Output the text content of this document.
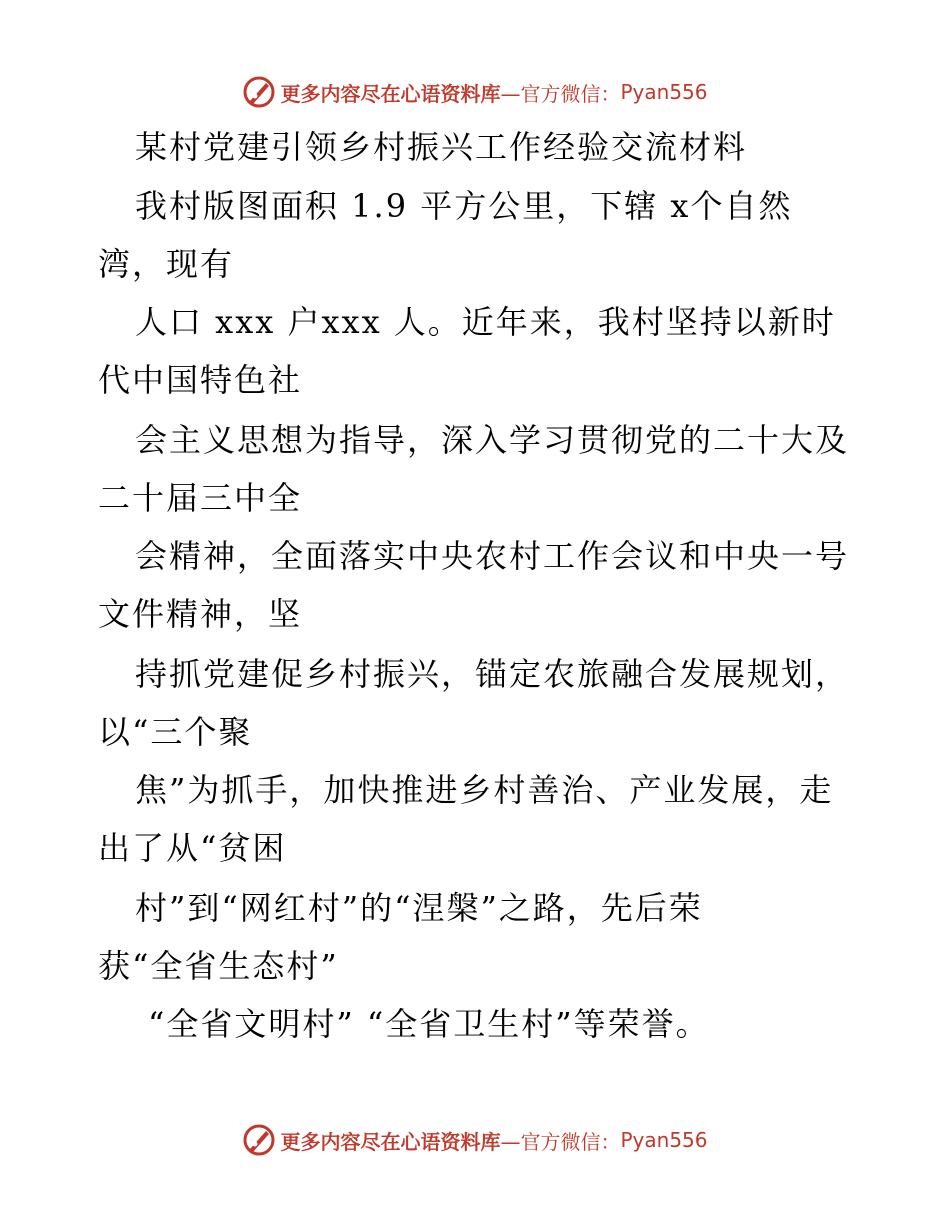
更多内容尽在心语资料库 —官方微信： Pyan556
某村党建引领乡村振兴工作经验交流材料
我村版图面积 1.9 平方公里，下辖 x个自然
湾，现有
人口 xxx 户xxx 人。近年来，我村坚持以新时
代中国特色社
会主义思想为指导，深入学习贯彻党的二十大及
二十届三中全
会精神，全面落实中央农村工作会议和中央一号
文件精神，坚
持抓党建促乡村振兴，锚定农旅融合发展规划，
以“三个聚
焦”为抓手，加快推进乡村善治、产业发展，走
出了从“贫困
村”到“网红村”的“涅槃”之路，先后荣
获“全省生态村”
“全省文明村” “全省卫生村”等荣誉。
更多内容尽在心语资料库 —官方微信： Pyan556
